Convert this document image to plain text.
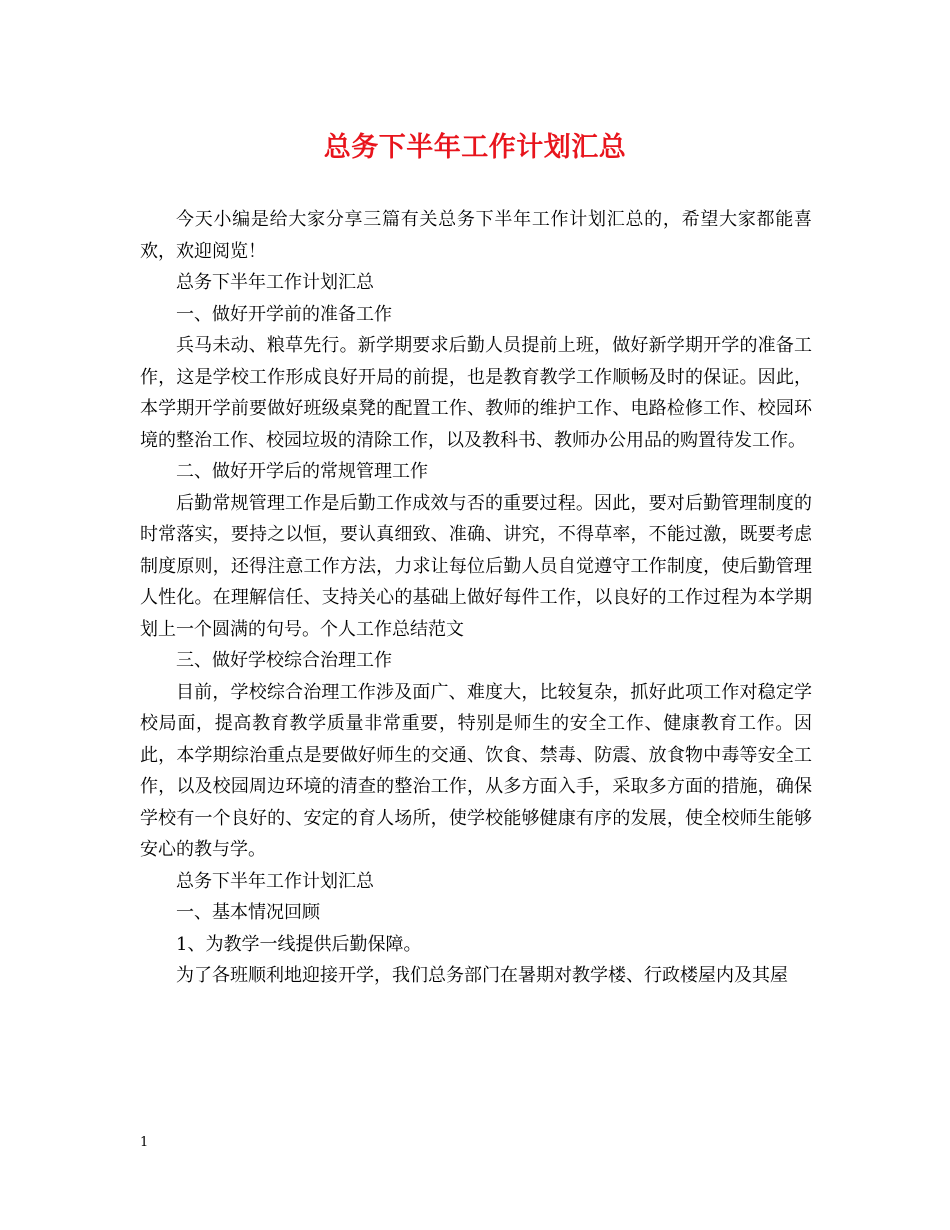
总务下半年工作计划汇总

今天小编是给大家分享三篇有关总务下半年工作计划汇总的，希望大家都能喜欢，欢迎阅览！

总务下半年工作计划汇总

一、做好开学前的准备工作

兵马未动、粮草先行。新学期要求后勤人员提前上班，做好新学期开学的准备工作，这是学校工作形成良好开局的前提，也是教育教学工作顺畅及时的保证。因此，本学期开学前要做好班级桌凳的配置工作、教师的维护工作、电路检修工作、校园环境的整治工作、校园垃圾的清除工作，以及教科书、教师办公用品的购置待发工作。

二、做好开学后的常规管理工作

后勤常规管理工作是后勤工作成效与否的重要过程。因此，要对后勤管理制度的时常落实，要持之以恒，要认真细致、准确、讲究，不得草率，不能过激，既要考虑制度原则，还得注意工作方法，力求让每位后勤人员自觉遵守工作制度，使后勤管理人性化。在理解信任、支持关心的基础上做好每件工作，以良好的工作过程为本学期划上一个圆满的句号。个人工作总结范文

三、做好学校综合治理工作

目前，学校综合治理工作涉及面广、难度大，比较复杂，抓好此项工作对稳定学校局面，提高教育教学质量非常重要，特别是师生的安全工作、健康教育工作。因此，本学期综治重点是要做好师生的交通、饮食、禁毒、防震、放食物中毒等安全工作，以及校园周边环境的清查的整治工作，从多方面入手，采取多方面的措施，确保学校有一个良好的、安定的育人场所，使学校能够健康有序的发展，使全校师生能够安心的教与学。

总务下半年工作计划汇总

一、基本情况回顾

1、为教学一线提供后勤保障。

为了各班顺利地迎接开学，我们总务部门在暑期对教学楼、行政楼屋内及其屋

1
